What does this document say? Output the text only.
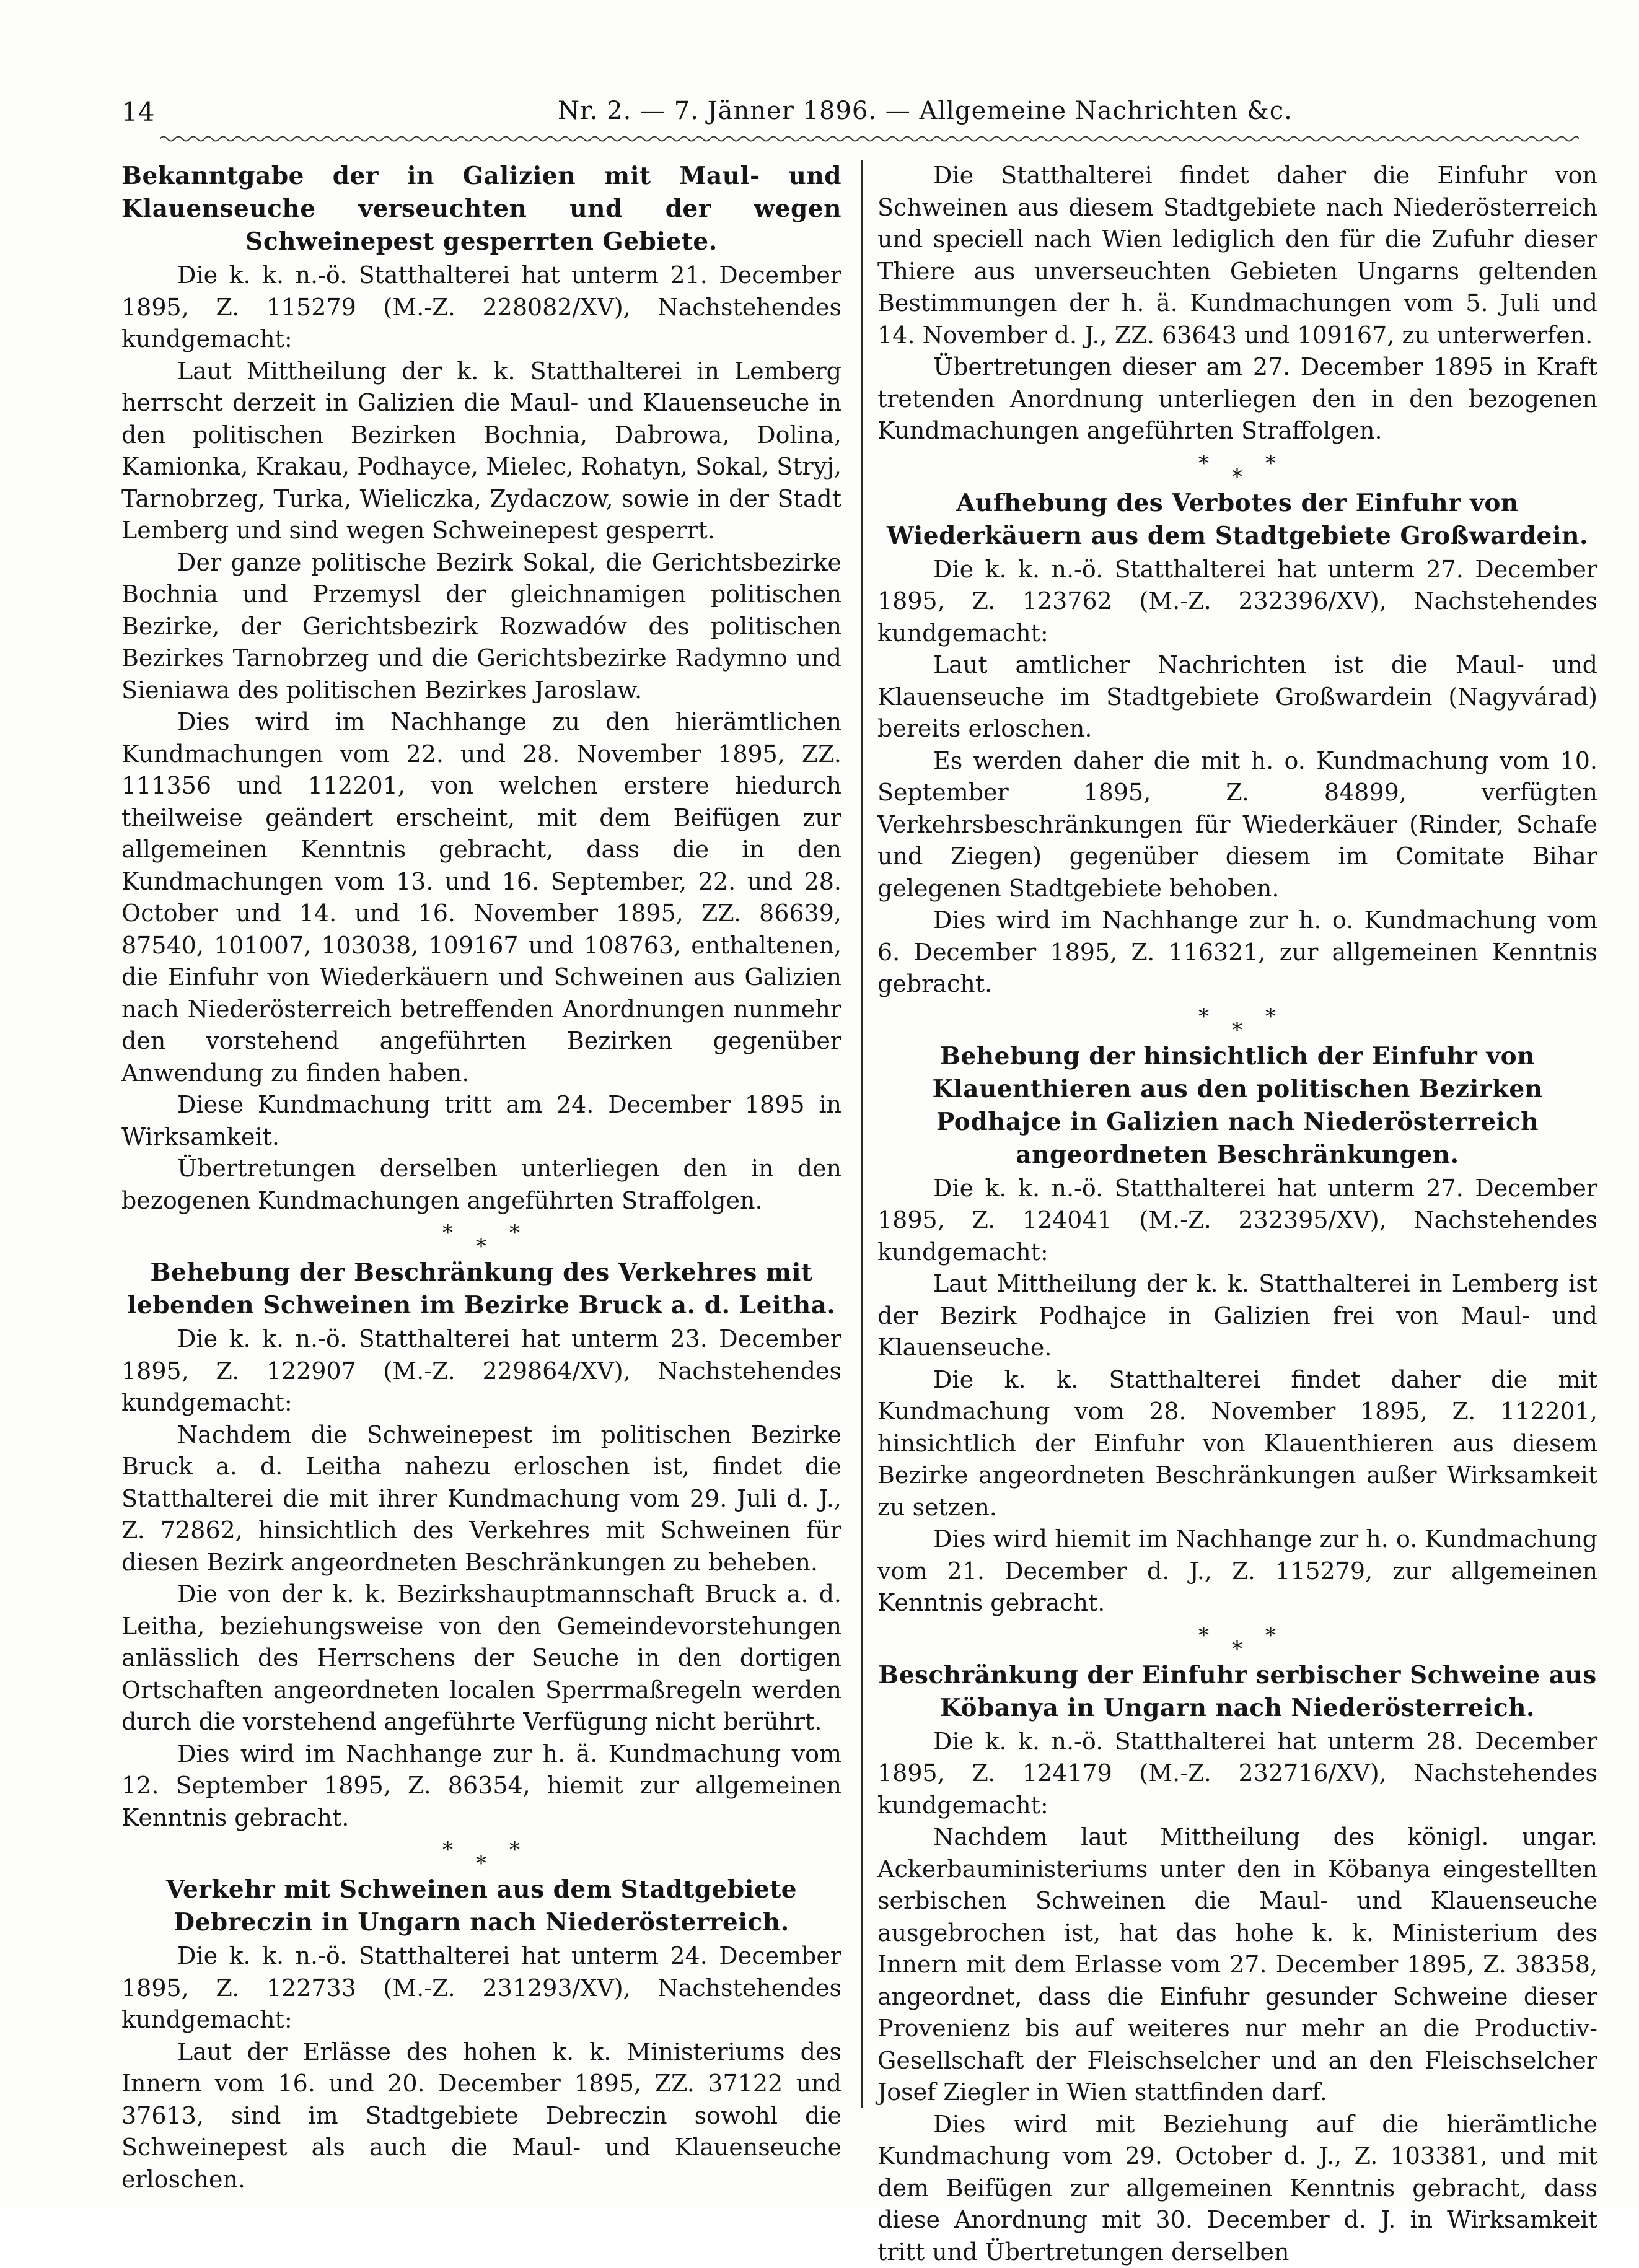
14	Nr. 2. — 7. Jänner 1896. — Allgemeine Nachrichten &c.
Bekanntgabe der in Galizien mit Maul- und Klauenseuche verseuchten und der wegen Schweinepest gesperrten Gebiete.

Die k. k. n.-ö. Statthalterei hat unterm 21. December 1895, Z. 115279 (M.-Z. 228082/XV), Nachstehendes kundgemacht:

Laut Mittheilung der k. k. Statthalterei in Lemberg herrscht derzeit in Galizien die Maul- und Klauenseuche in den politischen Bezirken Bochnia, Dabrowa, Dolina, Kamionka, Krakau, Podhayce, Mielec, Rohatyn, Sokal, Stryj, Tarnobrzeg, Turka, Wieliczka, Zydaczow, sowie in der Stadt Lemberg und sind wegen Schweinepest gesperrt.

Der ganze politische Bezirk Sokal, die Gerichtsbezirke Bochnia und Przemysl der gleichnamigen politischen Bezirke, der Gerichtsbezirk Rozwadów des politischen Bezirkes Tarnobrzeg und die Gerichtsbezirke Radymno und Sieniawa des politischen Bezirkes Jaroslaw.

Dies wird im Nachhange zu den hierämtlichen Kundmachungen vom 22. und 28. November 1895, ZZ. 111356 und 112201, von welchen erstere hiedurch theilweise geändert erscheint, mit dem Beifügen zur allgemeinen Kenntnis gebracht, dass die in den Kundmachungen vom 13. und 16. September, 22. und 28. October und 14. und 16. November 1895, ZZ. 86639, 87540, 101007, 103038, 109167 und 108763, enthaltenen, die Einfuhr von Wiederkäuern und Schweinen aus Galizien nach Niederösterreich betreffenden Anordnungen nunmehr den vorstehend angeführten Bezirken gegenüber Anwendung zu finden haben.

Diese Kundmachung tritt am 24. December 1895 in Wirksamkeit.

Übertretungen derselben unterliegen den in den bezogenen Kundmachungen angeführten Straffolgen.

*
*
*
Behebung der Beschränkung des Verkehres mit lebenden Schweinen im Bezirke Bruck a. d. Leitha.

Die k. k. n.-ö. Statthalterei hat unterm 23. December 1895, Z. 122907 (M.-Z. 229864/XV), Nachstehendes kundgemacht:

Nachdem die Schweinepest im politischen Bezirke Bruck a. d. Leitha nahezu erloschen ist, findet die Statthalterei die mit ihrer Kundmachung vom 29. Juli d. J., Z. 72862, hinsichtlich des Verkehres mit Schweinen für diesen Bezirk angeordneten Beschränkungen zu beheben.

Die von der k. k. Bezirkshauptmannschaft Bruck a. d. Leitha, beziehungsweise von den Gemeindevorstehungen anlässlich des Herrschens der Seuche in den dortigen Ortschaften angeordneten localen Sperrmaßregeln werden durch die vorstehend angeführte Verfügung nicht berührt.

Dies wird im Nachhange zur h. ä. Kundmachung vom 12. September 1895, Z. 86354, hiemit zur allgemeinen Kenntnis gebracht.

*
*
*
Verkehr mit Schweinen aus dem Stadtgebiete Debreczin in Ungarn nach Niederösterreich.

Die k. k. n.-ö. Statthalterei hat unterm 24. December 1895, Z. 122733 (M.-Z. 231293/XV), Nachstehendes kundgemacht:

Laut der Erlässe des hohen k. k. Ministeriums des Innern vom 16. und 20. December 1895, ZZ. 37122 und 37613, sind im Stadtgebiete Debreczin sowohl die Schweinepest als auch die Maul- und Klauenseuche erloschen.

Die Statthalterei findet daher die Einfuhr von Schweinen aus diesem Stadtgebiete nach Niederösterreich und speciell nach Wien lediglich den für die Zufuhr dieser Thiere aus unverseuchten Gebieten Ungarns geltenden Bestimmungen der h. ä. Kundmachungen vom 5. Juli und 14. November d. J., ZZ. 63643 und 109167, zu unterwerfen.

Übertretungen dieser am 27. December 1895 in Kraft tretenden Anordnung unterliegen den in den bezogenen Kundmachungen angeführten Straffolgen.

*
*
*
Aufhebung des Verbotes der Einfuhr von Wiederkäuern aus dem Stadtgebiete Großwardein.

Die k. k. n.-ö. Statthalterei hat unterm 27. December 1895, Z. 123762 (M.-Z. 232396/XV), Nachstehendes kundgemacht:

Laut amtlicher Nachrichten ist die Maul- und Klauenseuche im Stadtgebiete Großwardein (Nagyvárad) bereits erloschen.

Es werden daher die mit h. o. Kundmachung vom 10. September 1895, Z. 84899, verfügten Verkehrsbeschränkungen für Wiederkäuer (Rinder, Schafe und Ziegen) gegenüber diesem im Comitate Bihar gelegenen Stadtgebiete behoben.

Dies wird im Nachhange zur h. o. Kundmachung vom 6. December 1895, Z. 116321, zur allgemeinen Kenntnis gebracht.

*
*
*
Behebung der hinsichtlich der Einfuhr von Klauenthieren aus den politischen Bezirken Podhajce in Galizien nach Niederösterreich angeordneten Beschränkungen.

Die k. k. n.-ö. Statthalterei hat unterm 27. December 1895, Z. 124041 (M.-Z. 232395/XV), Nachstehendes kundgemacht:

Laut Mittheilung der k. k. Statthalterei in Lemberg ist der Bezirk Podhajce in Galizien frei von Maul- und Klauenseuche.

Die k. k. Statthalterei findet daher die mit Kundmachung vom 28. November 1895, Z. 112201, hinsichtlich der Einfuhr von Klauenthieren aus diesem Bezirke angeordneten Beschränkungen außer Wirksamkeit zu setzen.

Dies wird hiemit im Nachhange zur h. o. Kundmachung vom 21. December d. J., Z. 115279, zur allgemeinen Kenntnis gebracht.

*
*
*
Beschränkung der Einfuhr serbischer Schweine aus Köbanya in Ungarn nach Niederösterreich.

Die k. k. n.-ö. Statthalterei hat unterm 28. December 1895, Z. 124179 (M.-Z. 232716/XV), Nachstehendes kundgemacht:

Nachdem laut Mittheilung des königl. ungar. Ackerbauministeriums unter den in Köbanya eingestellten serbischen Schweinen die Maul- und Klauenseuche ausgebrochen ist, hat das hohe k. k. Ministerium des Innern mit dem Erlasse vom 27. December 1895, Z. 38358, angeordnet, dass die Einfuhr gesunder Schweine dieser Provenienz bis auf weiteres nur mehr an die Productiv-Gesellschaft der Fleischselcher und an den Fleischselcher Josef Ziegler in Wien stattfinden darf.

Dies wird mit Beziehung auf die hierämtliche Kundmachung vom 29. October d. J., Z. 103381, und mit dem Beifügen zur allgemeinen Kenntnis gebracht, dass diese Anordnung mit 30. December d. J. in Wirksamkeit tritt und Übertretungen derselben
